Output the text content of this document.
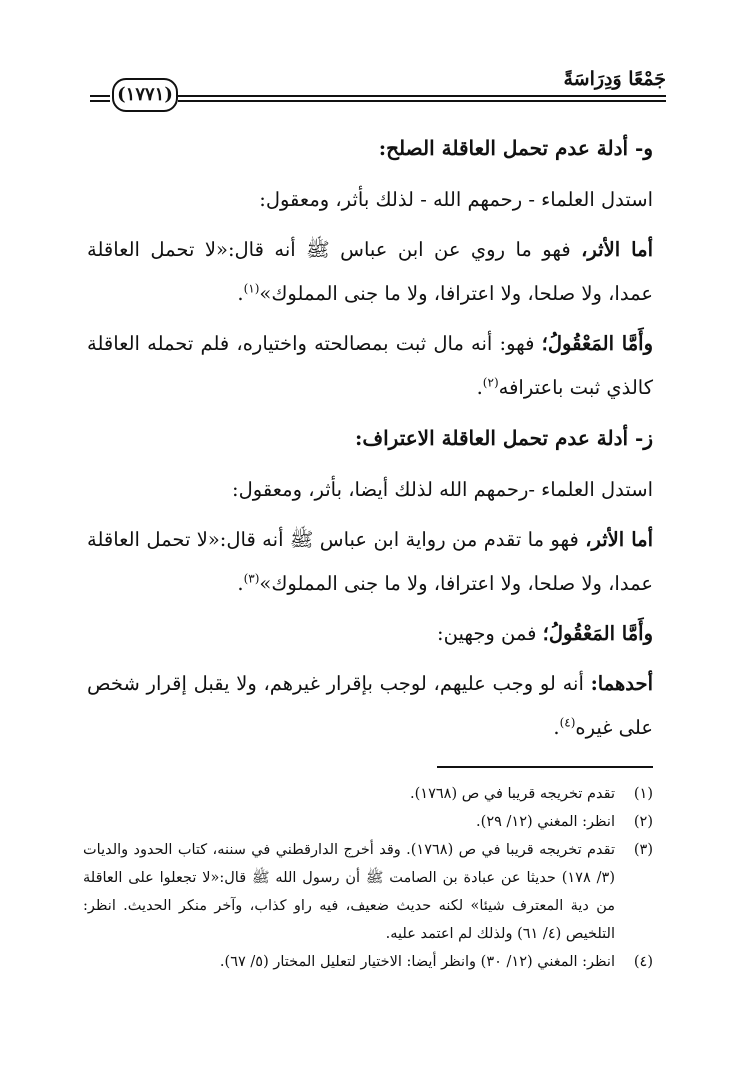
جَمْعًا وَدِرَاسَةً
(١٧٧١)

و- أدلة عدم تحمل العاقلة الصلح:

استدل العلماء - رحمهم الله - لذلك بأثر، ومعقول:

أما الأثر، فهو ما روي عن ابن عباس ﷺ أنه قال:«لا تحمل العاقلة عمدا، ولا صلحا، ولا اعترافا، ولا ما جنى المملوك»$^{(١)}$.

وأَمَّا المَعْقُولُ؛ فهو: أنه مال ثبت بمصالحته واختياره، فلم تحمله العاقلة كالذي ثبت باعترافه$^{(٢)}$.

ز- أدلة عدم تحمل العاقلة الاعتراف:

استدل العلماء -رحمهم الله لذلك أيضا، بأثر، ومعقول:

أما الأثر، فهو ما تقدم من رواية ابن عباس ﷺ أنه قال:«لا تحمل العاقلة عمدا، ولا صلحا، ولا اعترافا، ولا ما جنى المملوك»$^{(٣)}$.

وأَمَّا المَعْقُولُ؛ فمن وجهين:

أحدهما: أنه لو وجب عليهم، لوجب بإقرار غيرهم، ولا يقبل إقرار شخص على غيره$^{(٤)}$.

(١)
تقدم تخريجه قريبا في ص (١٧٦٨).
(٢)
انظر: المغني (١٢/ ٢٩).
(٣)
تقدم تخريجه قريبا في ص (١٧٦٨). وقد أخرج الدارقطني في سننه، كتاب الحدود والديات (٣/ ١٧٨) حديثا عن عبادة بن الصامت ﷺ أن رسول الله ﷺ قال:«لا تجعلوا على العاقلة من دية المعترف شيئا» لكنه حديث ضعيف، فيه راو كذاب، وآخر منكر الحديث. انظر: التلخيص (٤/ ٦١) ولذلك لم اعتمد عليه.
(٤)
انظر: المغني (١٢/ ٣٠) وانظر أيضا: الاختيار لتعليل المختار (٥/ ٦٧).
